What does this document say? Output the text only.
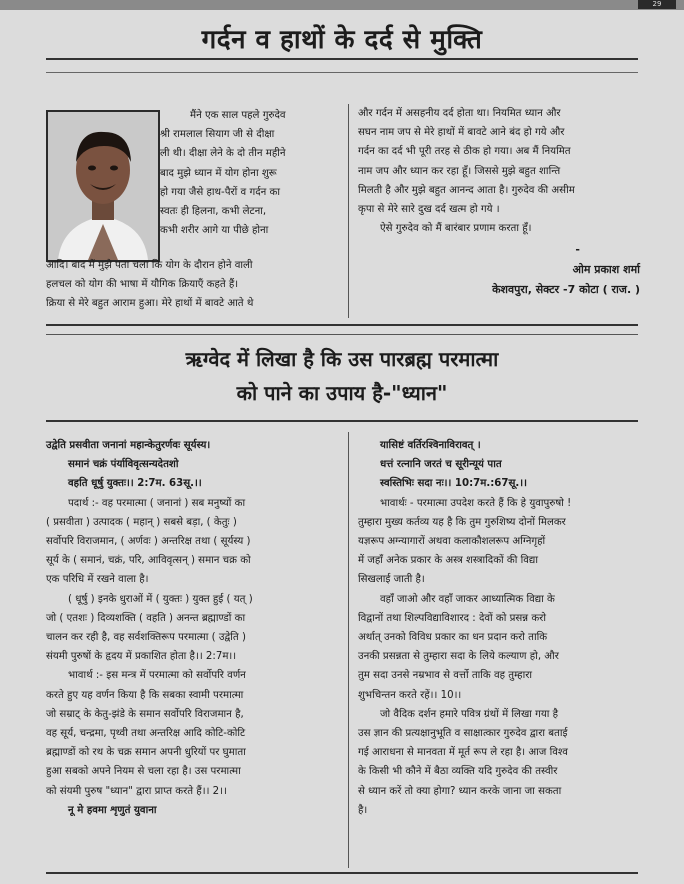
29
गर्दन व हाथों के दर्द से मुक्ति

मैंने एक साल पहले गुरुदेव

श्री रामलाल सियाग जी से दीक्षा

ली थी। दीक्षा लेने के दो तीन महीने

बाद मुझे ध्यान में योग होना शुरू

हो गया जैसे हाथ-पैरों व गर्दन का

स्वतः ही हिलना, कभी लेटना,

कभी शरीर आगे या पीछे होना

आदि। बाद में मुझे पता चला कि योग के दौरान होने वाली

हलचल को योग की भाषा में यौगिक क्रियाएँ कहते हैं।

क्रिया से मेरे बहुत आराम हुआ। मेरे हाथों में बावटे आते थे

और गर्दन में असहनीय दर्द होता था। नियमित ध्यान और

सघन नाम जप से मेरे हाथों में बावटे आने बंद हो गये और

गर्दन का दर्द भी पूरी तरह से ठीक हो गया। अब मैं नियमित

नाम जप और ध्यान कर रहा हूँ। जिससे मुझे बहुत शान्ति

मिलती है और मुझे बहुत आनन्द आता है। गुरुदेव की असीम

कृपा से मेरे सारे दुख दर्द खत्म हो गये ।

ऐसे गुरुदेव को मैं बारंबार प्रणाम करता हूँ।

-
ओम प्रकाश शर्मा
केशवपुरा, सेक्टर -7 कोटा ( राज. )
ऋग्वेद में लिखा है कि उस पारब्रह्म परमात्मा
को पाने का उपाय है-"ध्यान"

उद्वेति प्रसवीता जनानां महान्केतुरर्णवः सूर्यस्य।

समानं चक्रं पंर्याविवृत्सन्यदेतशो

वहति धूर्षु युक्तः।। 2:7म. 63सू.।।

पदार्थ :- वह परमात्मा ( जनानां ) सब मनुष्यों का

( प्रसवीता ) उत्पादक ( महान् ) सबसे बड़ा, ( केतुः )

सर्वोपरि विराजमान, ( अर्णवः ) अन्तरिक्ष तथा ( सूर्यस्य )

सूर्य के ( समानं, चक्रं, परि, आविवृत्सन् ) समान चक्र को

एक परिधि में रखने वाला है।

( धूर्षु ) इनके धुराओं में ( युक्तः ) युक्त हुई ( यत् )

जो ( एतशः ) दिव्यशक्ति ( वहति ) अनन्त ब्रह्माण्डों का

चालन कर रही है, वह सर्वशक्तिरूप परमात्मा ( उद्वेति )

संयमी पुरुषों के हृदय में प्रकाशित होता है।। 2:7म।।

भावार्थ :- इस मन्त्र में परमात्मा को सर्वोपरि वर्णन

करते हुए यह वर्णन किया है कि सबका स्वामी परमात्मा

जो सम्राट् के केतु-झंडे के समान सर्वोपरि विराजमान है,

वह सूर्य, चन्द्रमा, पृथ्वी तथा अन्तरिक्ष आदि कोटि-कोटि

ब्रह्माण्डों को रथ के चक्र समान अपनी धुरियों पर घुमाता

हुआ सबको अपने नियम से चला रहा है। उस परमात्मा

को संयमी पुरुष "ध्यान" द्वारा प्राप्त करते हैं।। 2।।

नू मे हवमा शृणुतं युवाना

यासिष्टं वर्तिरश्विनाविरावत् ।

धत्तं रत्नानि जरतं च सूरीन्यूयं पात

स्वस्तिभिः सदा नः।। 10:7म.:67सू.।।

भावार्थः - परमात्मा उपदेश करते हैं कि हे युवापुरुषो !

तुम्हारा मुख्य कर्तव्य यह है कि तुम गुरुशिष्य दोनों मिलकर

यज्ञरूप अग्न्यागारों अथवा कलाकौशलरूप अग्निगृहों

में जहाँ अनेक प्रकार के अस्त्र शस्त्रादिकों की विद्या

सिखलाई जाती है।

वहाँ जाओ और वहाँ जाकर आध्यात्मिक विद्या के

विद्वानों तथा शिल्पविद्याविशारद : देवों को प्रसन्न करो

अर्थात् उनको विविध प्रकार का धन प्रदान करो ताकि

उनकी प्रसन्नता से तुम्हारा सदा के लिये कल्याण हो, और

तुम सदा उनसे नम्रभाव से वर्त्तो ताकि वह तुम्हारा

शुभचिन्तन करते रहें।। 10।।

जो वैदिक दर्शन हमारे पवित्र ग्रंथों में लिखा गया है

उस ज्ञान की प्रत्यक्षानुभूति व साक्षात्कार गुरुदेव द्वारा बताई

गई आराधना से मानवता में मूर्त रूप ले रहा है। आज विश्व

के किसी भी कौने में बैठा व्यक्ति यदि गुरुदेव की तस्वीर

से ध्यान करें तो क्या होगा? ध्यान करके जाना जा सकता

है।
